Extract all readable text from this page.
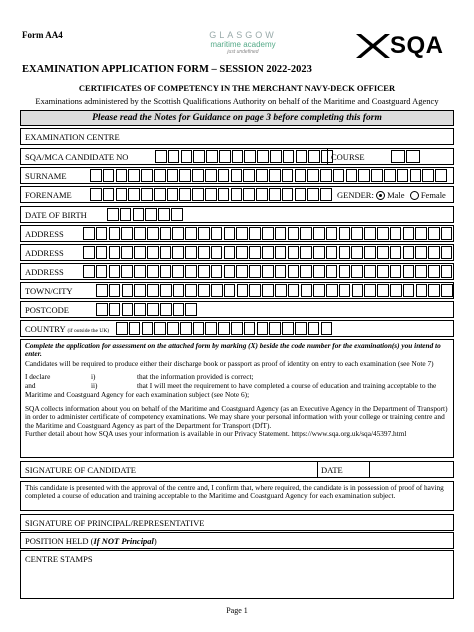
Form AA4	GLASGOW
maritime academy
just undefined	SQA
EXAMINATION APPLICATION FORM – SESSION 2022-2023
CERTIFICATES OF COMPETENCY IN THE MERCHANT NAVY-DECK OFFICER
Examinations administered by the Scottish Qualifications Authority on behalf of the Maritime and Coastguard Agency
Please read the Notes for Guidance on page 3 before completing this form
EXAMINATION CENTRE
SQA/MCA CANDIDATE NO	COURSE
SURNAME
FORENAME	GENDER: Male Female
DATE OF BIRTH
ADDRESS
ADDRESS
ADDRESS
TOWN/CITY
POSTCODE
COUNTRY (if outside the UK)
Complete the application for assessment on the attached form by marking (X) beside the code number for the examination(s) you intend to enter.
Candidates will be required to produce either their discharge book or passport as proof of identity on entry to each examination (see Note 7)
I declare	i)	that the information provided is correct;
and	ii)	that I will meet the requirement to have completed a course of education and training acceptable to the
Maritime and Coastguard Agency for each examination subject (see Note 6);
SQA collects information about you on behalf of the Maritime and Coastguard Agency (as an Executive Agency in the Department of Transport) in order to administer certificate of competency examinations. We may share your personal information with your college or training centre and the Maritime and Coastguard Agency as part of the Department for Transport (DfT).
Further detail about how SQA uses your information is available in our Privacy Statement. https://www.sqa.org.uk/sqa/45397.html
SIGNATURE OF CANDIDATE	DATE
This candidate is presented with the approval of the centre and, I confirm that, where required, the candidate is in possession of proof of having completed a course of education and training acceptable to the Maritime and Coastguard Agency for each examination subject.
SIGNATURE OF PRINCIPAL/REPRESENTATIVE
POSITION HELD (If NOT Principal)
CENTRE STAMPS
Page 1
